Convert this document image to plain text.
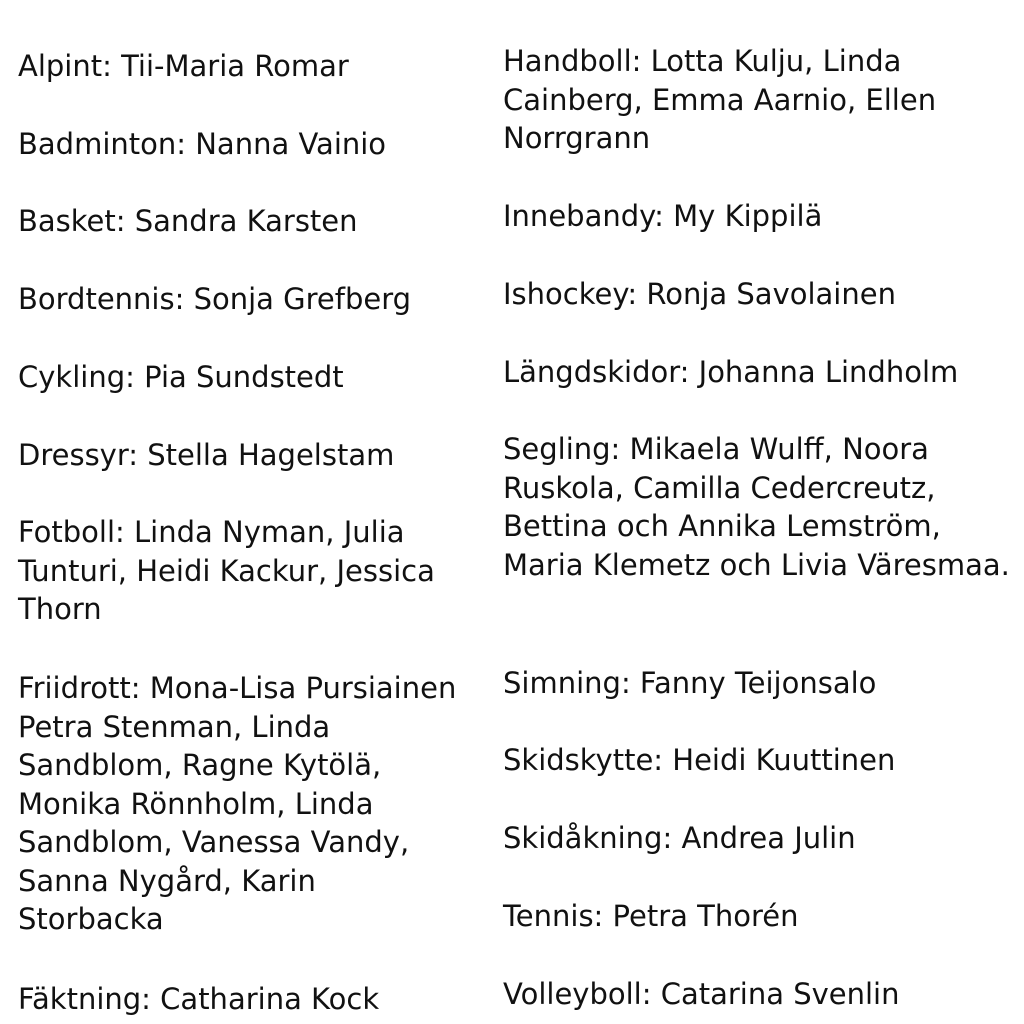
Alpint: Tii-Maria Romar
Badminton: Nanna Vainio
Basket: Sandra Karsten
Bordtennis: Sonja Grefberg
Cykling: Pia Sundstedt
Dressyr: Stella Hagelstam
Fotboll: Linda Nyman, Julia Tunturi, Heidi Kackur, Jessica Thorn
Friidrott: Mona-Lisa Pursiainen Petra Stenman, Linda Sandblom, Ragne Kytölä, Monika Rönnholm, Linda Sandblom, Vanessa Vandy, Sanna Nygård, Karin Storbacka
Fäktning: Catharina Kock
Handboll: Lotta Kulju, Linda Cainberg, Emma Aarnio, Ellen Norrgrann
Innebandy: My Kippilä
Ishockey: Ronja Savolainen
Längdskidor: Johanna Lindholm
Segling: Mikaela Wulff, Noora Ruskola, Camilla Cedercreutz, Bettina och Annika Lemström, Maria Klemetz och Livia Väresmaa.
Simning: Fanny Teijonsalo
Skidskytte: Heidi Kuuttinen
Skidåkning: Andrea Julin
Tennis: Petra Thorén
Volleyboll: Catarina Svenlin
